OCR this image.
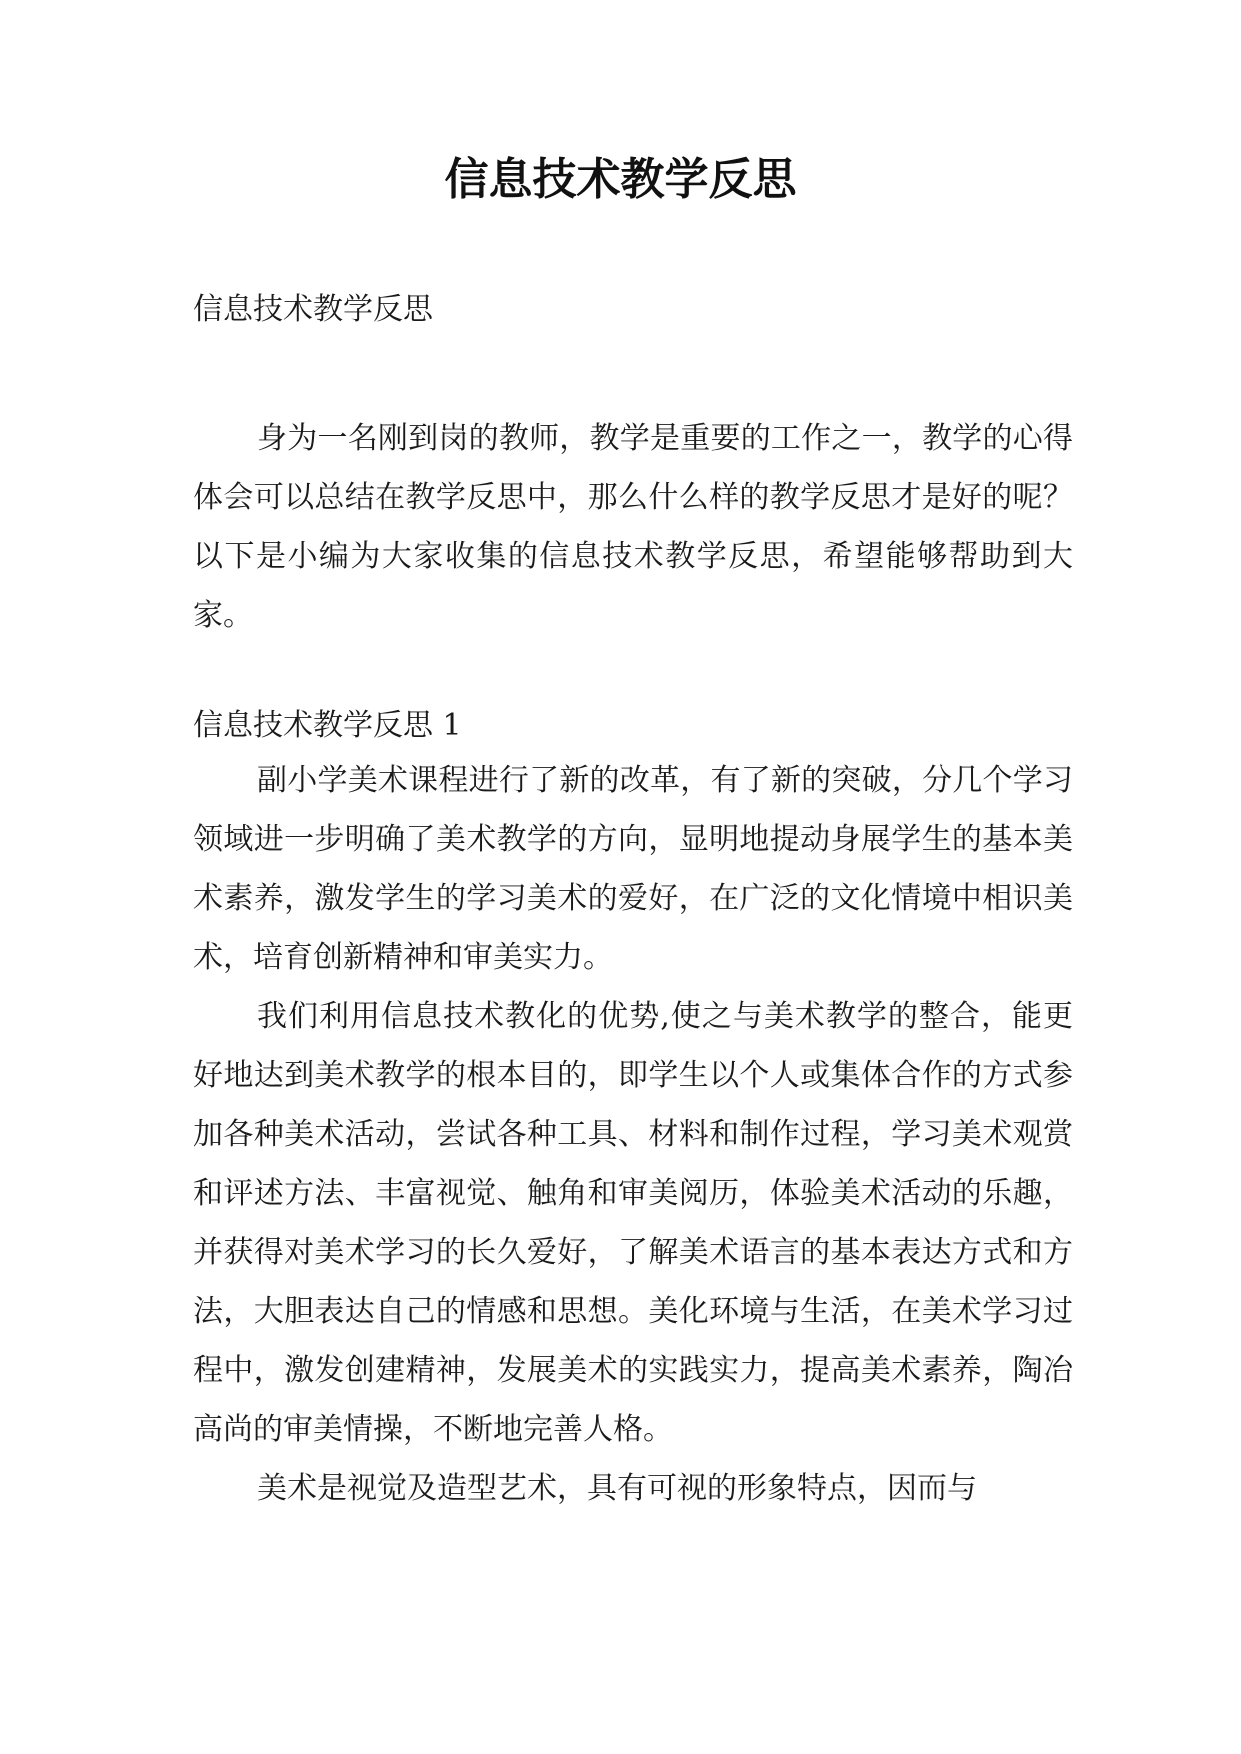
信息技术教学反思
信息技术教学反思

身为一名刚到岗的教师，教学是重要的工作之一，教学的心得体会可以总结在教学反思中，那么什么样的教学反思才是好的呢？以下是小编为大家收集的信息技术教学反思，希望能够帮助到大家。

信息技术教学反思 1

副小学美术课程进行了新的改革，有了新的突破，分几个学习领域进一步明确了美术教学的方向，显明地提动身展学生的基本美术素养，激发学生的学习美术的爱好，在广泛的文化情境中相识美术，培育创新精神和审美实力。

我们利用信息技术教化的优势,使之与美术教学的整合，能更好地达到美术教学的根本目的，即学生以个人或集体合作的方式参加各种美术活动，尝试各种工具、材料和制作过程，学习美术观赏和评述方法、丰富视觉、触角和审美阅历，体验美术活动的乐趣，并获得对美术学习的长久爱好，了解美术语言的基本表达方式和方法，大胆表达自己的情感和思想。美化环境与生活，在美术学习过程中，激发创建精神，发展美术的实践实力，提高美术素养，陶冶高尚的审美情操，不断地完善人格。

美术是视觉及造型艺术，具有可视的形象特点，因而与
